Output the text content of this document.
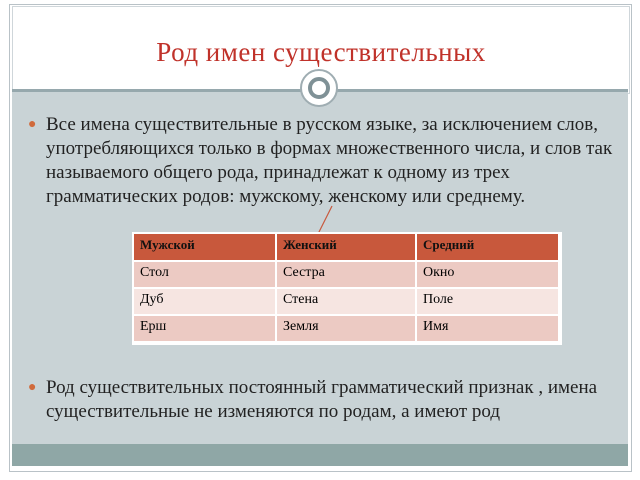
Род имен существительных
● Все имена существительные в русском языке, за исключением слов, употребляющихся только в формах множественного числа, и слов так называемого общего рода, принадлежат к одному из трех грамматических родов: мужскому, женскому или среднему.
Мужской	Женский	Средний
Стол	Сестра	Окно
Дуб	Стена	Поле
Ерш	Земля	Имя
● Род существительных постоянный грамматический признак , имена существительные не изменяются по родам, а имеют род
